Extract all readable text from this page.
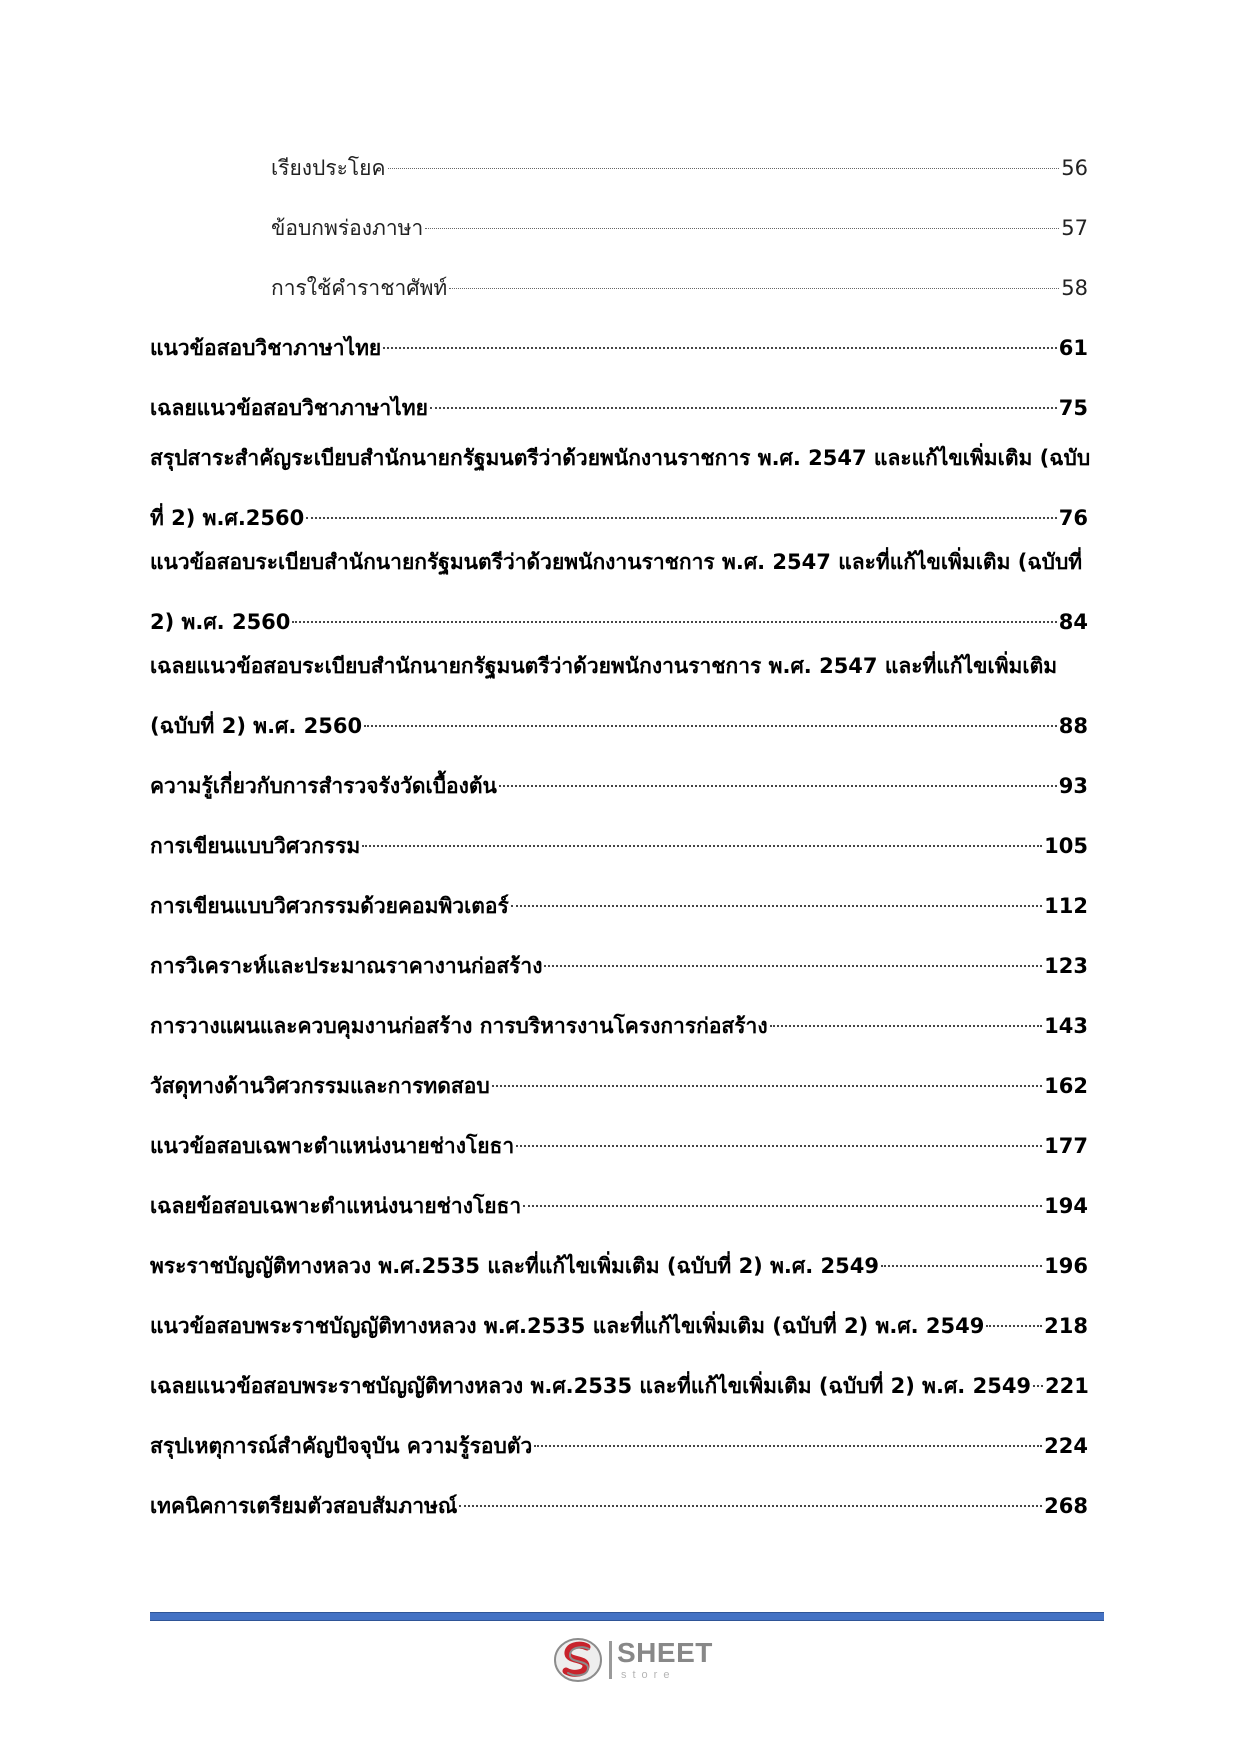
เรียงประโยค	56
ข้อบกพร่องภาษา	57
การใช้คำราชาศัพท์	58
แนวข้อสอบวิชาภาษาไทย	61
เฉลยแนวข้อสอบวิชาภาษาไทย	75
สรุปสาระสำคัญระเบียบสำนักนายกรัฐมนตรีว่าด้วยพนักงานราชการ พ.ศ. 2547 และแก้ไขเพิ่มเติม (ฉบับ
ที่ 2) พ.ศ.2560	76
แนวข้อสอบระเบียบสำนักนายกรัฐมนตรีว่าด้วยพนักงานราชการ พ.ศ. 2547 และที่แก้ไขเพิ่มเติม (ฉบับที่
2) พ.ศ. 2560	84
เฉลยแนวข้อสอบระเบียบสำนักนายกรัฐมนตรีว่าด้วยพนักงานราชการ พ.ศ. 2547 และที่แก้ไขเพิ่มเติม
(ฉบับที่ 2) พ.ศ. 2560	88
ความรู้เกี่ยวกับการสำรวจรังวัดเบื้องต้น	93
การเขียนแบบวิศวกรรม	105
การเขียนแบบวิศวกรรมด้วยคอมพิวเตอร์	112
การวิเคราะห์และประมาณราคางานก่อสร้าง	123
การวางแผนและควบคุมงานก่อสร้าง การบริหารงานโครงการก่อสร้าง	143
วัสดุทางด้านวิศวกรรมและการทดสอบ	162
แนวข้อสอบเฉพาะตำแหน่งนายช่างโยธา	177
เฉลยข้อสอบเฉพาะตำแหน่งนายช่างโยธา	194
พระราชบัญญัติทางหลวง พ.ศ.2535 และที่แก้ไขเพิ่มเติม (ฉบับที่ 2) พ.ศ. 2549	196
แนวข้อสอบพระราชบัญญัติทางหลวง พ.ศ.2535 และที่แก้ไขเพิ่มเติม (ฉบับที่ 2) พ.ศ. 2549	218
เฉลยแนวข้อสอบพระราชบัญญัติทางหลวง พ.ศ.2535 และที่แก้ไขเพิ่มเติม (ฉบับที่ 2) พ.ศ. 2549 221
สรุปเหตุการณ์สำคัญปัจจุบัน ความรู้รอบตัว	224
เทคนิคการเตรียมตัวสอบสัมภาษณ์	268
SHEET
store
